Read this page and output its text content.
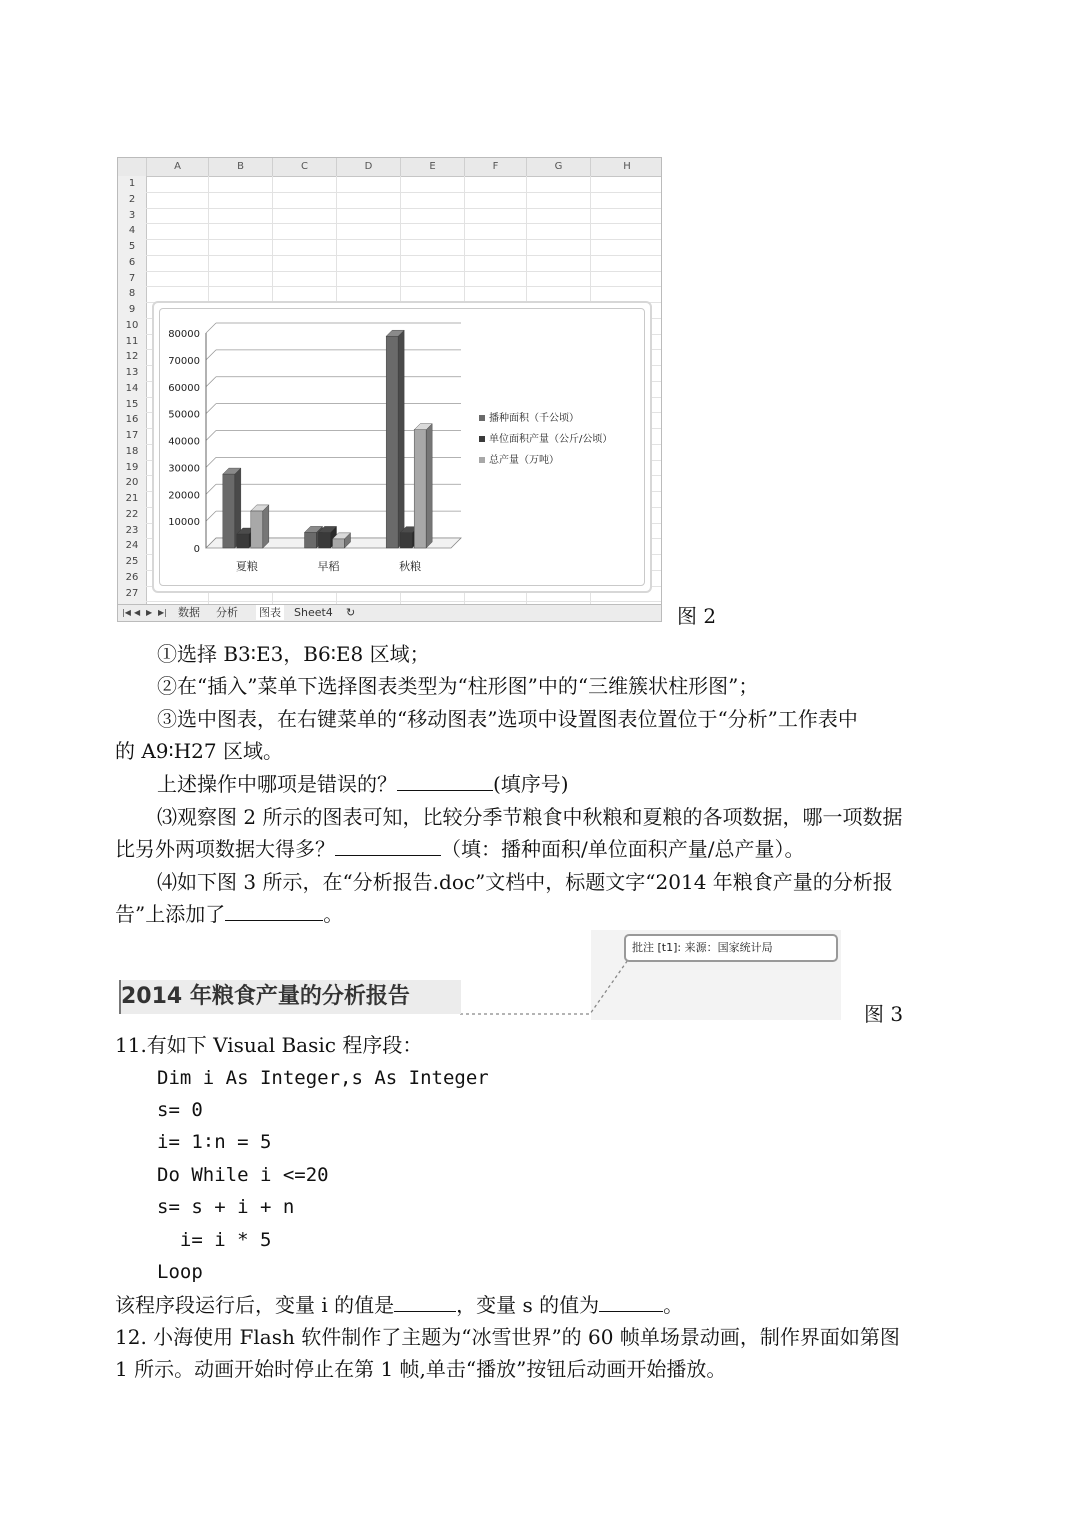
A	B	C	D	E	F	G	H
1
2
3
4
5
6
7
8
9
10
11
12
13
14
15
16
17
18
19
20
21
22
23
24
25
26
27
0
10000
20000
30000
40000
50000
60000
70000
80000
夏粮	早稻	秋粮
播种面积（千公顷）
单位面积产量（公斤/公顷）
总产量（万吨）
|◀ ◀ ▶ ▶| 数据 分析 图表 Sheet4 ↻	图 2
①选择 B3∶E3，B6∶E8 区域；
②在“插入”菜单下选择图表类型为“柱形图”中的“三维簇状柱形图”；
③选中图表，在右键菜单的“移动图表”选项中设置图表位置位于“分析”工作表中
的 A9∶H27 区域。
上述操作中哪项是错误的？	(填序号)
⑶观察图 2 所示的图表可知，比较分季节粮食中秋粮和夏粮的各项数据，哪一项数据
比另外两项数据大得多？	（填：播种面积/单位面积产量/总产量）。
⑷如下图 3 所示，在“分析报告.doc”文档中，标题文字“2014 年粮食产量的分析报
告”上添加了	。
2014 年粮食产量的分析报告
批注 [t1]: 来源：国家统计局
图 3
11.有如下 Visual Basic 程序段：
Dim i As Integer,s As Integer
s= 0
i= 1∶n = 5
Do While i <=20
s= s + i + n
i= i * 5
Loop
该程序段运行后，变量 i 的值是	，变量 s 的值为	。
12. 小海使用 Flash 软件制作了主题为“冰雪世界”的 60 帧单场景动画，制作界面如第图
1 所示。动画开始时停止在第 1 帧,单击“播放”按钮后动画开始播放。
